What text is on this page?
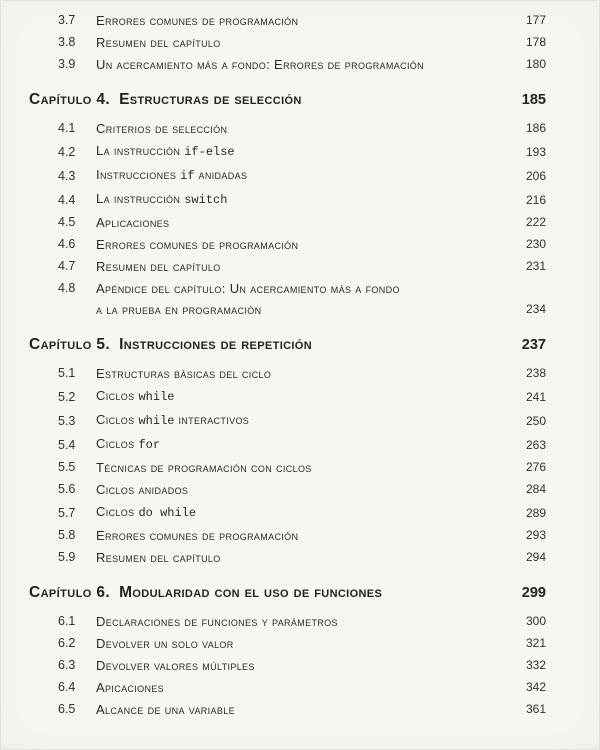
3.7	Errores comunes de programación	177
3.8	Resumen del capítulo	178
3.9	Un acercamiento más a fondo: Errores de programación	180
Capítulo 4. Estructuras de selección	185
4.1	Criterios de selección	186
4.2	La instrucción if-else	193
4.3	Instrucciones if anidadas	206
4.4	La instrucción switch	216
4.5	Aplicaciones	222
4.6	Errores comunes de programación	230
4.7	Resumen del capítulo	231
4.8	Apéndice del capítulo: Un acercamiento más a fondo
a la prueba en programación	234
Capítulo 5. Instrucciones de repetición	237
5.1	Estructuras básicas del ciclo	238
5.2	Ciclos while	241
5.3	Ciclos while interactivos	250
5.4	Ciclos for	263
5.5	Técnicas de programación con ciclos	276
5.6	Ciclos anidados	284
5.7	Ciclos do while	289
5.8	Errores comunes de programación	293
5.9	Resumen del capítulo	294
Capítulo 6. Modularidad con el uso de funciones	299
6.1	Declaraciones de funciones y parámetros	300
6.2	Devolver un solo valor	321
6.3	Devolver valores múltiples	332
6.4	Apicaciones	342
6.5	Alcance de una variable	361
